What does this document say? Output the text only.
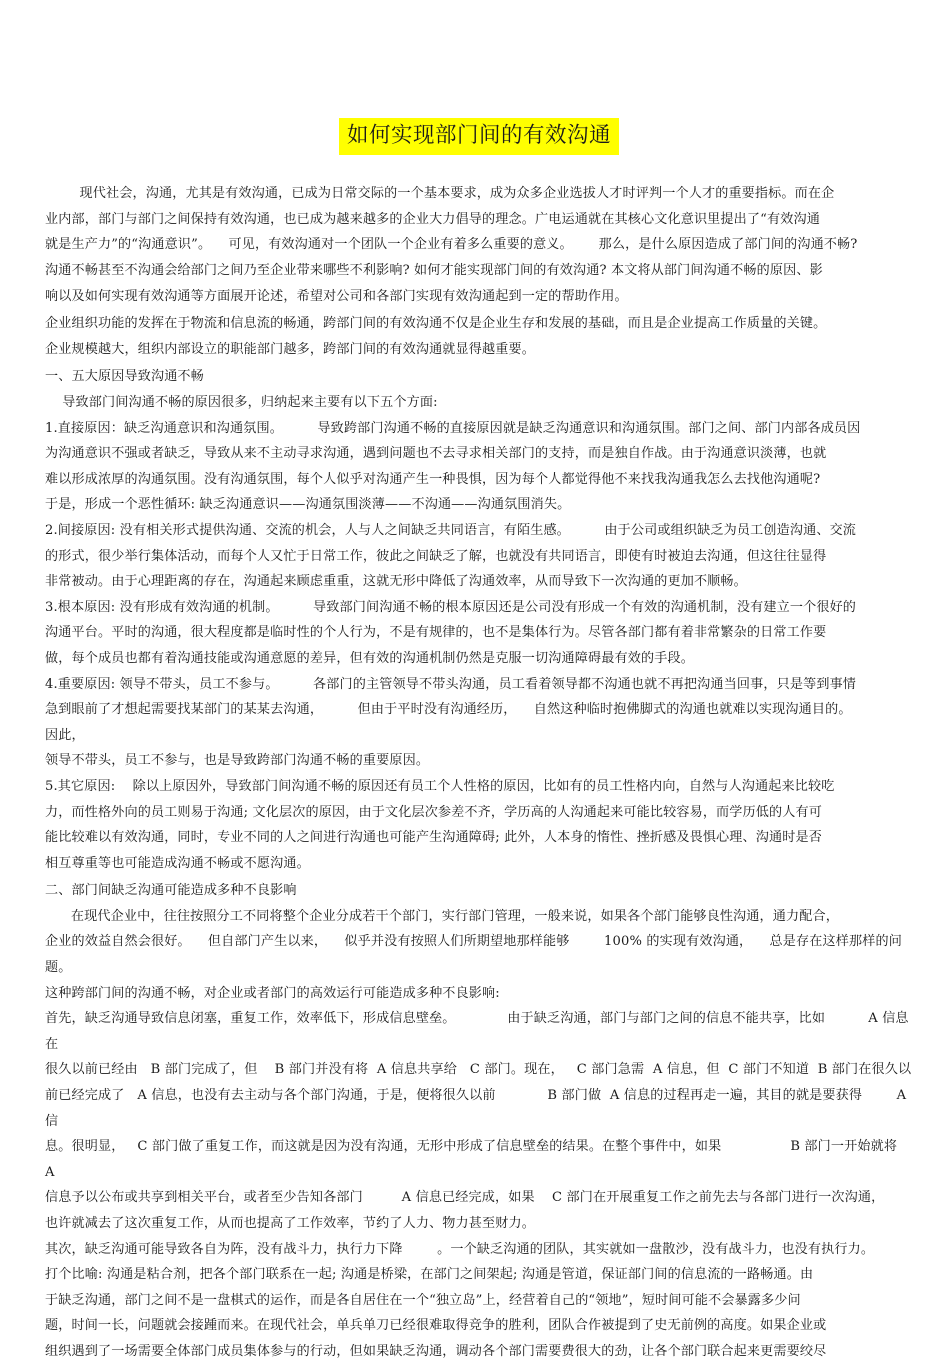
如何实现部门间的有效沟通

现代社会，沟通，尤其是有效沟通，已成为日常交际的一个基本要求，成为众多企业选拔人才时评判一个人才的重要指标。而在企

业内部，部门与部门之间保持有效沟通，也已成为越来越多的企业大力倡导的理念。广电运通就在其核心文化意识里提出了“有效沟通

就是生产力”的“沟通意识”。    可见，有效沟通对一个团队一个企业有着多么重要的意义。      那么，是什么原因造成了部门间的沟通不畅?

沟通不畅甚至不沟通会给部门之间乃至企业带来哪些不利影响? 如何才能实现部门间的有效沟通? 本文将从部门间沟通不畅的原因、影

响以及如何实现有效沟通等方面展开论述，希望对公司和各部门实现有效沟通起到一定的帮助作用。

企业组织功能的发挥在于物流和信息流的畅通，跨部门间的有效沟通不仅是企业生存和发展的基础，而且是企业提高工作质量的关键。

企业规模越大，组织内部设立的职能部门越多，跨部门间的有效沟通就显得越重要。

一、五大原因导致沟通不畅

导致部门间沟通不畅的原因很多，归纳起来主要有以下五个方面:

1.直接原因：缺乏沟通意识和沟通氛围。        导致跨部门沟通不畅的直接原因就是缺乏沟通意识和沟通氛围。部门之间、部门内部各成员因

为沟通意识不强或者缺乏，导致从来不主动寻求沟通，遇到问题也不去寻求相关部门的支持，而是独自作战。由于沟通意识淡薄，也就

难以形成浓厚的沟通氛围。没有沟通氛围，每个人似乎对沟通产生一种畏惧，因为每个人都觉得他不来找我沟通我怎么去找他沟通呢?

于是，形成一个恶性循环: 缺乏沟通意识——沟通氛围淡薄——不沟通——沟通氛围消失。

2.间接原因: 没有相关形式提供沟通、交流的机会，人与人之间缺乏共同语言，有陌生感。        由于公司或组织缺乏为员工创造沟通、交流

的形式，很少举行集体活动，而每个人又忙于日常工作，彼此之间缺乏了解，也就没有共同语言，即使有时被迫去沟通，但这往往显得

非常被动。由于心理距离的存在，沟通起来顾虑重重，这就无形中降低了沟通效率，从而导致下一次沟通的更加不顺畅。

3.根本原因: 没有形成有效沟通的机制。        导致部门间沟通不畅的根本原因还是公司没有形成一个有效的沟通机制，没有建立一个很好的

沟通平台。平时的沟通，很大程度都是临时性的个人行为，不是有规律的，也不是集体行为。尽管各部门都有着非常繁杂的日常工作要

做，每个成员也都有着沟通技能或沟通意愿的差异，但有效的沟通机制仍然是克服一切沟通障碍最有效的手段。

4.重要原因: 领导不带头，员工不参与。        各部门的主管领导不带头沟通，员工看着领导都不沟通也就不再把沟通当回事，只是等到事情

急到眼前了才想起需要找某部门的某某去沟通，        但由于平时没有沟通经历，    自然这种临时抱佛脚式的沟通也就难以实现沟通目的。            因此，

领导不带头，员工不参与，也是导致跨部门沟通不畅的重要原因。

5.其它原因:    除以上原因外，导致部门间沟通不畅的原因还有员工个人性格的原因，比如有的员工性格内向，自然与人沟通起来比较吃

力，而性格外向的员工则易于沟通; 文化层次的原因，由于文化层次参差不齐，学历高的人沟通起来可能比较容易，而学历低的人有可

能比较难以有效沟通，同时，专业不同的人之间进行沟通也可能产生沟通障碍; 此外，人本身的惰性、挫折感及畏惧心理、沟通时是否

相互尊重等也可能造成沟通不畅或不愿沟通。

二、部门间缺乏沟通可能造成多种不良影响

在现代企业中，往往按照分工不同将整个企业分成若干个部门，实行部门管理，一般来说，如果各个部门能够良性沟通，通力配合，

企业的效益自然会很好。    但自部门产生以来，    似乎并没有按照人们所期望地那样能够        100% 的实现有效沟通，    总是存在这样那样的问题。

这种跨部门间的沟通不畅，对企业或者部门的高效运行可能造成多种不良影响:

首先，缺乏沟通导致信息闭塞，重复工作，效率低下，形成信息壁垒。            由于缺乏沟通，部门与部门之间的信息不能共享，比如          A 信息在

很久以前已经由   B 部门完成了，但    B 部门并没有将  A 信息共享给   C 部门。现在，   C 部门急需  A 信息，但  C 部门不知道  B 部门在很久以

前已经完成了   A 信息，也没有去主动与各个部门沟通，于是，便将很久以前            B 部门做  A 信息的过程再走一遍，其目的就是要获得        A 信

息。很明显，   C 部门做了重复工作，而这就是因为没有沟通，无形中形成了信息壁垒的结果。在整个事件中，如果                B 部门一开始就将   A

信息予以公布或共享到相关平台，或者至少告知各部门         A 信息已经完成，如果    C 部门在开展重复工作之前先去与各部门进行一次沟通，

也许就减去了这次重复工作，从而也提高了工作效率，节约了人力、物力甚至财力。

其次，缺乏沟通可能导致各自为阵，没有战斗力，执行力下降        。一个缺乏沟通的团队，其实就如一盘散沙，没有战斗力，也没有执行力。

打个比喻: 沟通是粘合剂，把各个部门联系在一起; 沟通是桥梁，在部门之间架起; 沟通是管道，保证部门间的信息流的一路畅通。由

于缺乏沟通，部门之间不是一盘棋式的运作，而是各自居住在一个“独立岛”上，经营着自己的“领地”，短时间可能不会暴露多少问

题，时间一长，问题就会接踵而来。在现代社会，单兵单刀已经很难取得竞争的胜利，团队合作被提到了史无前例的高度。如果企业或

组织遇到了一场需要全体部门成员集体参与的行动，但如果缺乏沟通，调动各个部门需要费很大的劲，让各个部门联合起来更需要绞尽
